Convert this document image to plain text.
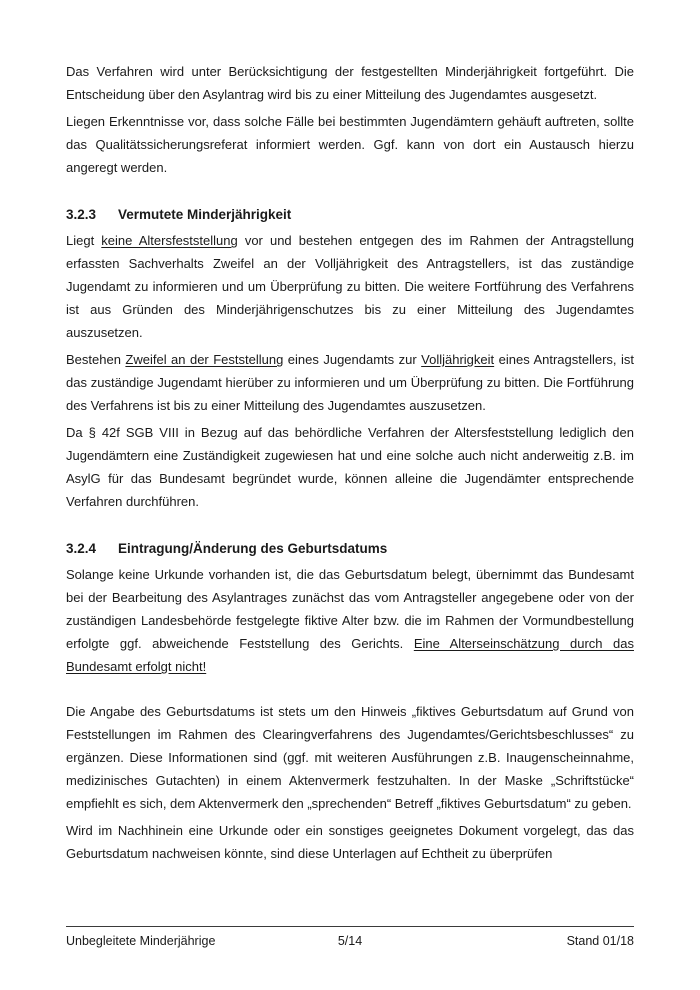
Das Verfahren wird unter Berücksichtigung der festgestellten Minderjährigkeit fortgeführt. Die Entscheidung über den Asylantrag wird bis zu einer Mitteilung des Jugendamtes ausgesetzt.

Liegen Erkenntnisse vor, dass solche Fälle bei bestimmten Jugendämtern gehäuft auftreten, sollte das Qualitätssicherungsreferat informiert werden. Ggf. kann von dort ein Austausch hierzu angeregt werden.

3.2.3 Vermutete Minderjährigkeit

Liegt keine Altersfeststellung vor und bestehen entgegen des im Rahmen der Antragstellung erfassten Sachverhalts Zweifel an der Volljährigkeit des Antragstellers, ist das zuständige Jugendamt zu informieren und um Überprüfung zu bitten. Die weitere Fortführung des Verfahrens ist aus Gründen des Minderjährigenschutzes bis zu einer Mitteilung des Jugendamtes auszusetzen.

Bestehen Zweifel an der Feststellung eines Jugendamts zur Volljährigkeit eines Antragstellers, ist das zuständige Jugendamt hierüber zu informieren und um Überprüfung zu bitten. Die Fortführung des Verfahrens ist bis zu einer Mitteilung des Jugendamtes auszusetzen.

Da § 42f SGB VIII in Bezug auf das behördliche Verfahren der Altersfeststellung lediglich den Jugendämtern eine Zuständigkeit zugewiesen hat und eine solche auch nicht anderweitig z.B. im AsylG für das Bundesamt begründet wurde, können alleine die Jugendämter entsprechende Verfahren durchführen.

3.2.4 Eintragung/Änderung des Geburtsdatums

Solange keine Urkunde vorhanden ist, die das Geburtsdatum belegt, übernimmt das Bundesamt bei der Bearbeitung des Asylantrages zunächst das vom Antragsteller angegebene oder von der zuständigen Landesbehörde festgelegte fiktive Alter bzw. die im Rahmen der Vormundbestellung erfolgte ggf. abweichende Feststellung des Gerichts. Eine Alterseinschätzung durch das Bundesamt erfolgt nicht!

Die Angabe des Geburtsdatums ist stets um den Hinweis „fiktives Geburtsdatum auf Grund von Feststellungen im Rahmen des Clearingverfahrens des Jugendamtes/Gerichtsbeschlusses“ zu ergänzen. Diese Informationen sind (ggf. mit weiteren Ausführungen z.B. Inaugenscheinnahme, medizinisches Gutachten) in einem Aktenvermerk festzuhalten. In der Maske „Schriftstücke“ empfiehlt es sich, dem Aktenvermerk den „sprechenden“ Betreff „fiktives Geburtsdatum“ zu geben.

Wird im Nachhinein eine Urkunde oder ein sonstiges geeignetes Dokument vorgelegt, das das Geburtsdatum nachweisen könnte, sind diese Unterlagen auf Echtheit zu überprüfen

Unbegleitete Minderjährige	5/14	Stand 01/18
